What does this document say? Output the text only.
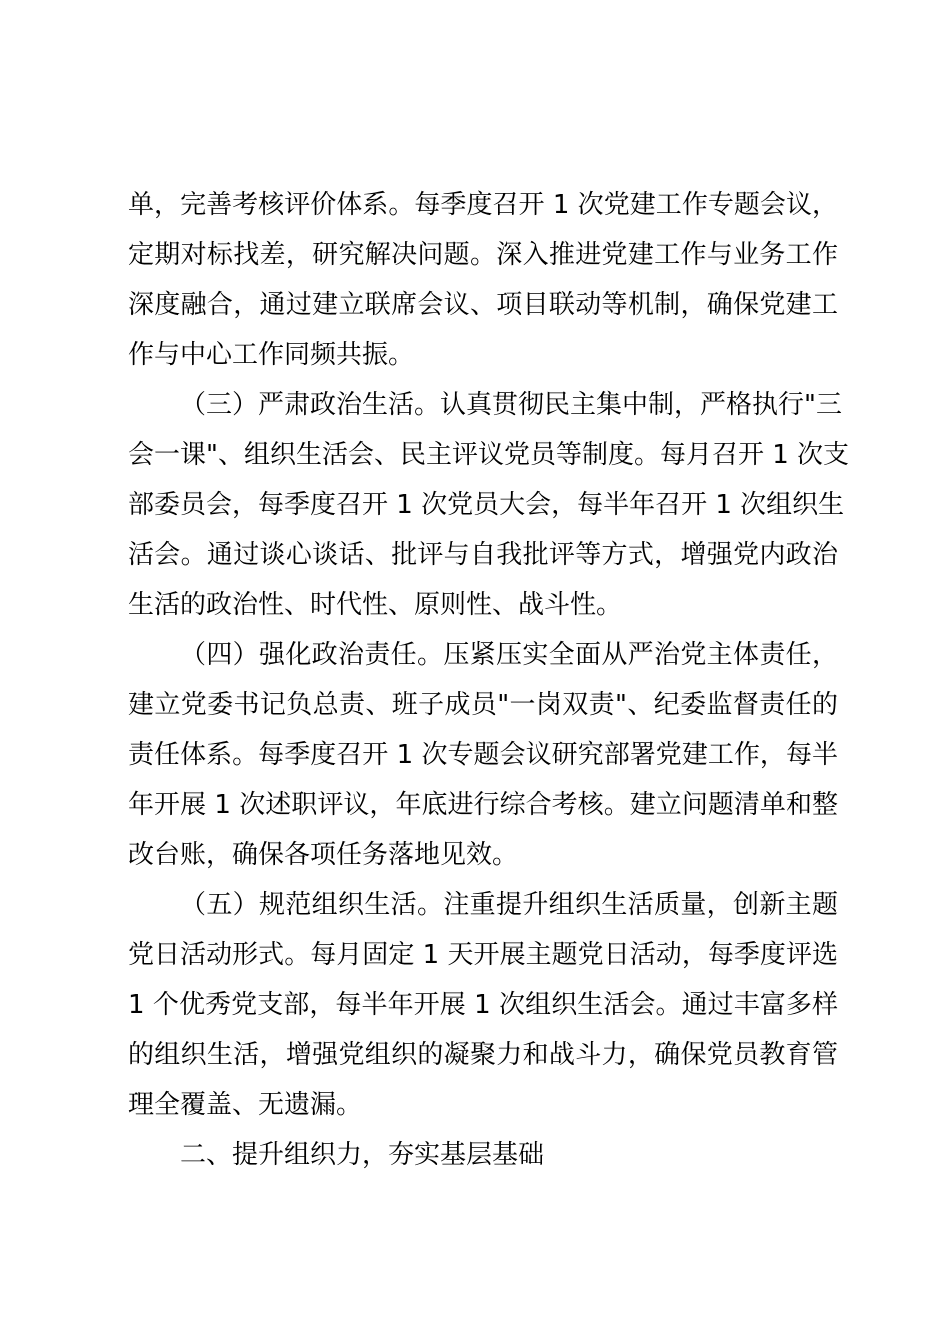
单，完善考核评价体系。每季度召开 1 次党建工作专题会议，
定期对标找差，研究解决问题。深入推进党建工作与业务工作
深度融合，通过建立联席会议、项目联动等机制，确保党建工
作与中心工作同频共振。
（三）严肃政治生活。认真贯彻民主集中制，严格执行"三
会一课"、组织生活会、民主评议党员等制度。每月召开 1 次支
部委员会，每季度召开 1 次党员大会，每半年召开 1 次组织生
活会。通过谈心谈话、批评与自我批评等方式，增强党内政治
生活的政治性、时代性、原则性、战斗性。
（四）强化政治责任。压紧压实全面从严治党主体责任，
建立党委书记负总责、班子成员"一岗双责"、纪委监督责任的
责任体系。每季度召开 1 次专题会议研究部署党建工作，每半
年开展 1 次述职评议，年底进行综合考核。建立问题清单和整
改台账，确保各项任务落地见效。
（五）规范组织生活。注重提升组织生活质量，创新主题
党日活动形式。每月固定 1 天开展主题党日活动，每季度评选
1 个优秀党支部，每半年开展 1 次组织生活会。通过丰富多样
的组织生活，增强党组织的凝聚力和战斗力，确保党员教育管
理全覆盖、无遗漏。
二、提升组织力，夯实基层基础
